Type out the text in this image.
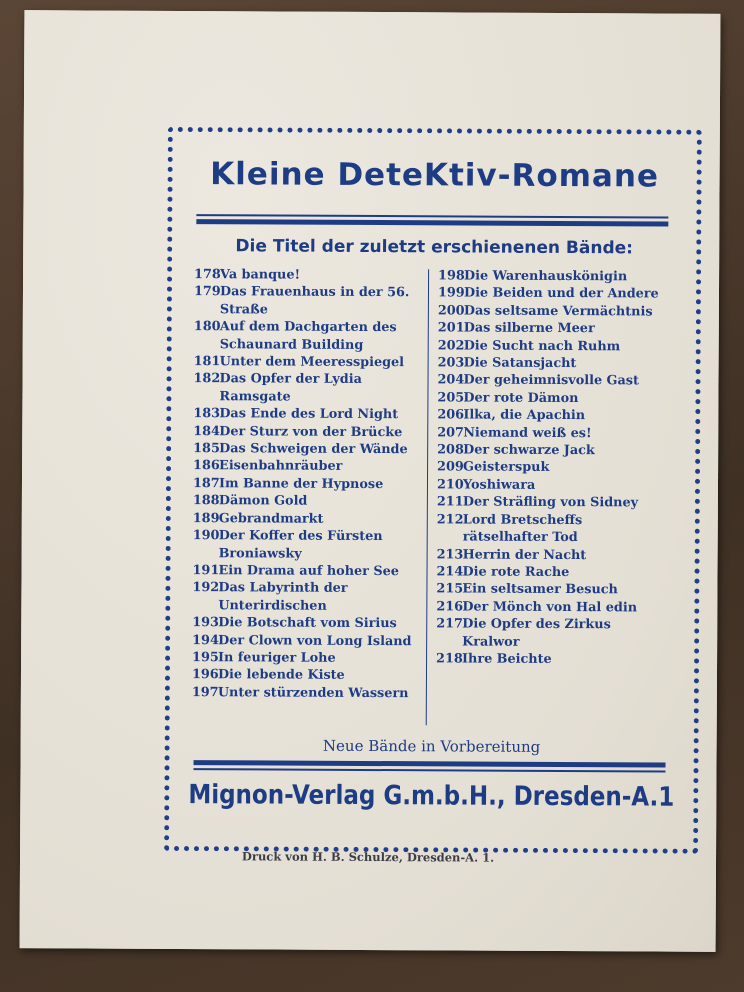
Kleine DeteKtiv-Romane
Die Titel der zuletzt erschienenen Bände:
178 Va banque!
179 Das Frauenhaus in der 56. Straße
180 Auf dem Dachgarten des Schaunard Building
181 Unter dem Meeresspiegel
182 Das Opfer der Lydia Ramsgate
183 Das Ende des Lord Night
184 Der Sturz von der Brücke
185 Das Schweigen der Wände
186 Eisenbahnräuber
187 Im Banne der Hypnose
188 Dämon Gold
189 Gebrandmarkt
190 Der Koffer des Fürsten Broniawsky
191 Ein Drama auf hoher See
192 Das Labyrinth der Unterirdischen
193 Die Botschaft vom Sirius
194 Der Clown von Long Island
195 In feuriger Lohe
196 Die lebende Kiste
197 Unter stürzenden Wassern
198 Die Warenhauskönigin
199 Die Beiden und der Andere
200 Das seltsame Vermächtnis
201 Das silberne Meer
202 Die Sucht nach Ruhm
203 Die Satansjacht
204 Der geheimnisvolle Gast
205 Der rote Dämon
206 Ilka, die Apachin
207 Niemand weiß es!
208 Der schwarze Jack
209 Geisterspuk
210 Yoshiwara
211 Der Sträfling von Sidney
212 Lord Bretscheffs rätselhafter Tod
213 Herrin der Nacht
214 Die rote Rache
215 Ein seltsamer Besuch
216 Der Mönch von Hal edin
217 Die Opfer des Zirkus Kralwor
218 Ihre Beichte
Neue Bände in Vorbereitung
Mignon-Verlag G.m.b.H., Dresden-A.1
Druck von H. B. Schulze, Dresden-A. 1.
